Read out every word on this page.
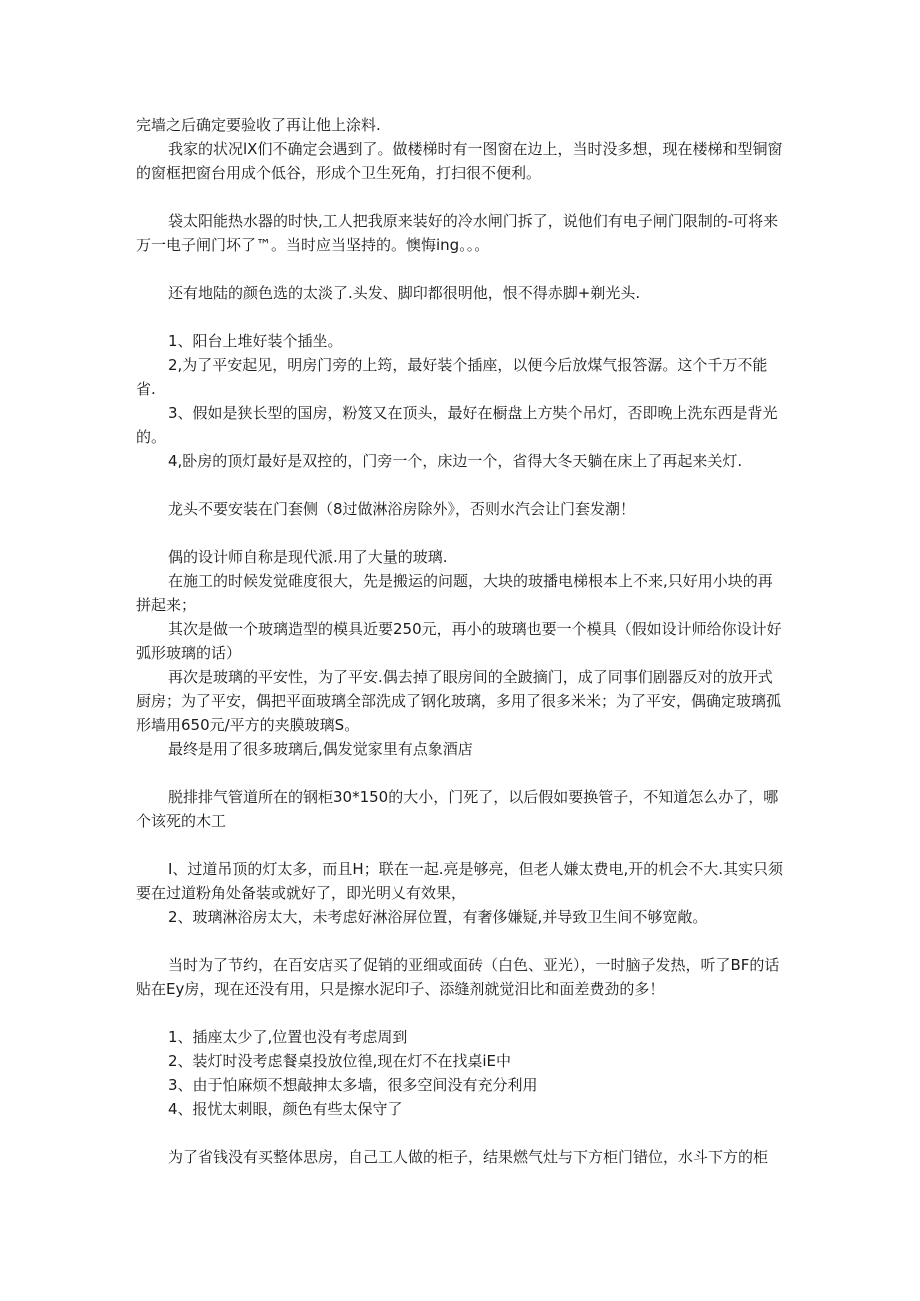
完墙之后确定要验收了再让他上涂料.

我家的状况lX们不确定会遇到了。做楼梯时有一图窗在边上，当时没多想，现在楼梯和型铜窗的窗框把窗台用成个低谷，形成个卫生死角，打扫很不便利。

袋太阳能热水器的时快,工人把我原来装好的冷水闸门拆了，说他们有电子闸门限制的-可将来万一电子闸门坏了™。当时应当坚持的。懊悔ing。。。

还有地陆的颜色选的太淡了.头发、脚印都很明他，恨不得赤脚+剃光头.

1、阳台上堆好装个插坐。

2,为了平安起见，明房门旁的上筠，最好装个插座，以便今后放煤气报答潺。这个千万不能省.

3、假如是狭长型的国房，粉笈又在顶头，最好在橱盘上方奘个吊灯，否即晚上洗东西是背光的。

4,卧房的顶灯最好是双控的，门旁一个，床边一个，省得大冬天躺在床上了再起来关灯.

龙头不要安装在门套侧（8过做淋浴房除外》，否则水汽会让门套发潮！

偶的设计师自称是现代派.用了大量的玻璃.

在施工的时候发觉碓度很大，先是搬运的问题，大块的玻播电梯根本上不来,只好用小块的再拼起来；

其次是做一个玻璃造型的模具近要250元，再小的玻璃也要一个模具（假如设计师给你设计好弧形玻璃的话）

再次是玻璃的平安性，为了平安.偶去掉了眼房间的全跛摘门，成了同事们剧器反对的放开式厨房；为了平安，偶把平面玻璃全部洗成了钢化玻璃，多用了很多米米；为了平安，偶确定玻璃孤形墙用650元/平方的夹膜玻璃S。

最终是用了很多玻璃后,偶发觉家里有点象酒店

脱排排气管道所在的钢柜30*150的大小，门死了，以后假如要换管子，不知道怎么办了，哪个该死的木工

I、过道吊顶的灯太多，而且H；联在一起.亮是够亮，但老人嫌太费电,开的机会不大.其实只须要在过道粉角处备装或就好了，即光明乂有效果，

2、玻璃淋浴房太大，未考虑好淋浴屏位置，有奢侈嫌疑,并导致卫生间不够宽敞。

当时为了节约，在百安店买了促销的亚细或面砖（白色、亚光），一时脑子发热，听了BF的话贴在Ey房，现在还没有用，只是擦水泥印子、添缝剂就觉汨比和面差费劲的多！

1、插座太少了,位置也没有考虑周到

2、装灯时没考虑餐桌投放位徨,现在灯不在找桌iE中

3、由于怕麻烦不想敲抻太多墙，很多空间没有充分利用

4、报忧太刺眼，颜色有些太保守了

为了省钱没有买整体思房，自己工人做的柜子，结果燃气灶与下方柜门错位，水斗下方的柜
